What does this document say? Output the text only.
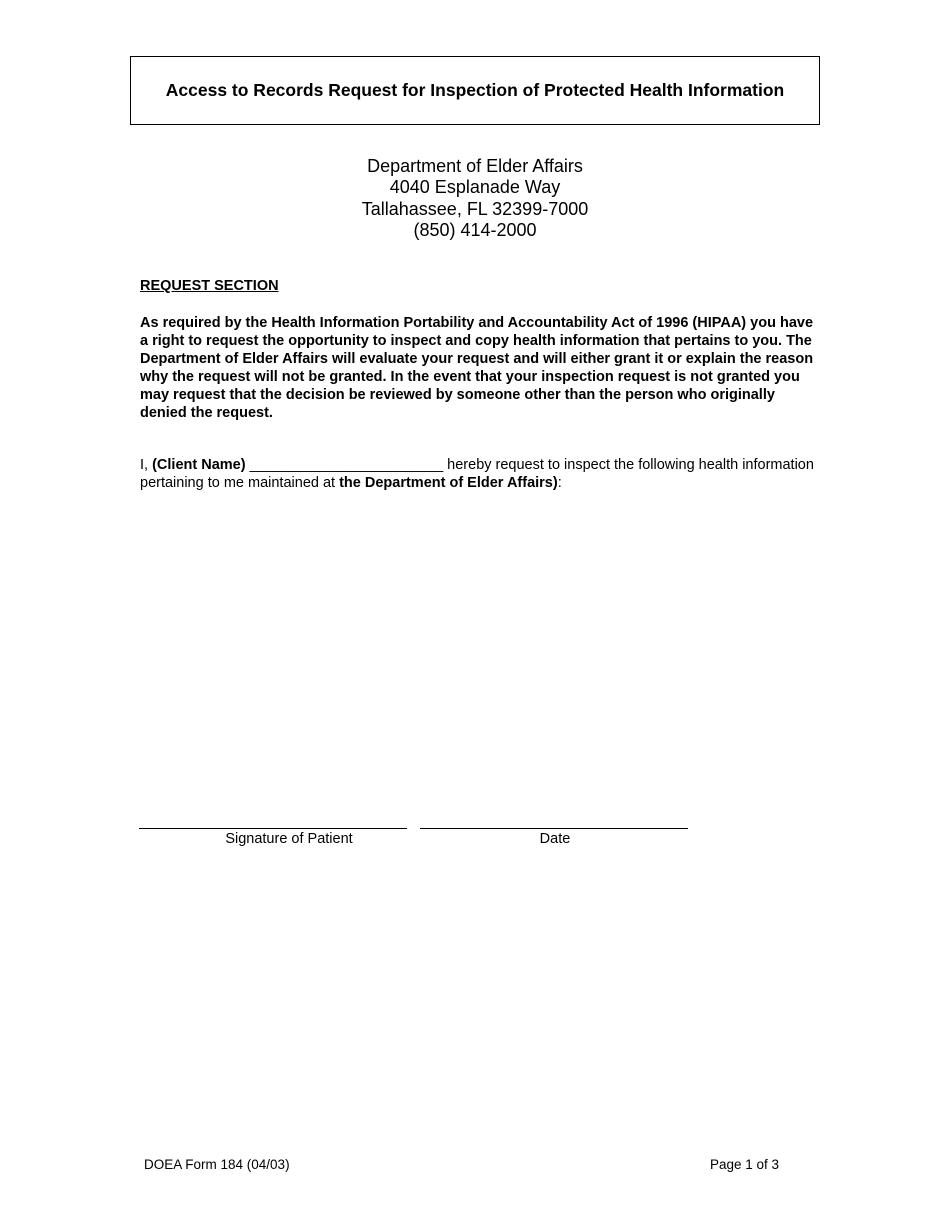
Access to Records Request for Inspection of Protected Health Information
Department of Elder Affairs
4040 Esplanade Way
Tallahassee, FL 32399-7000
(850) 414-2000
REQUEST SECTION

As required by the Health Information Portability and Accountability Act of 1996 (HIPAA) you have a right to request the opportunity to inspect and copy health information that pertains to you. The Department of Elder Affairs will evaluate your request and will either grant it or explain the reason why the request will not be granted. In the event that your inspection request is not granted you may request that the decision be reviewed by someone other than the person who originally denied the request.

I, (Client Name) ________________________ hereby request to inspect the following health information pertaining to me maintained at the Department of Elder Affairs):

Signature of Patient	Date
DOEA Form 184 (04/03)	Page 1 of 3
